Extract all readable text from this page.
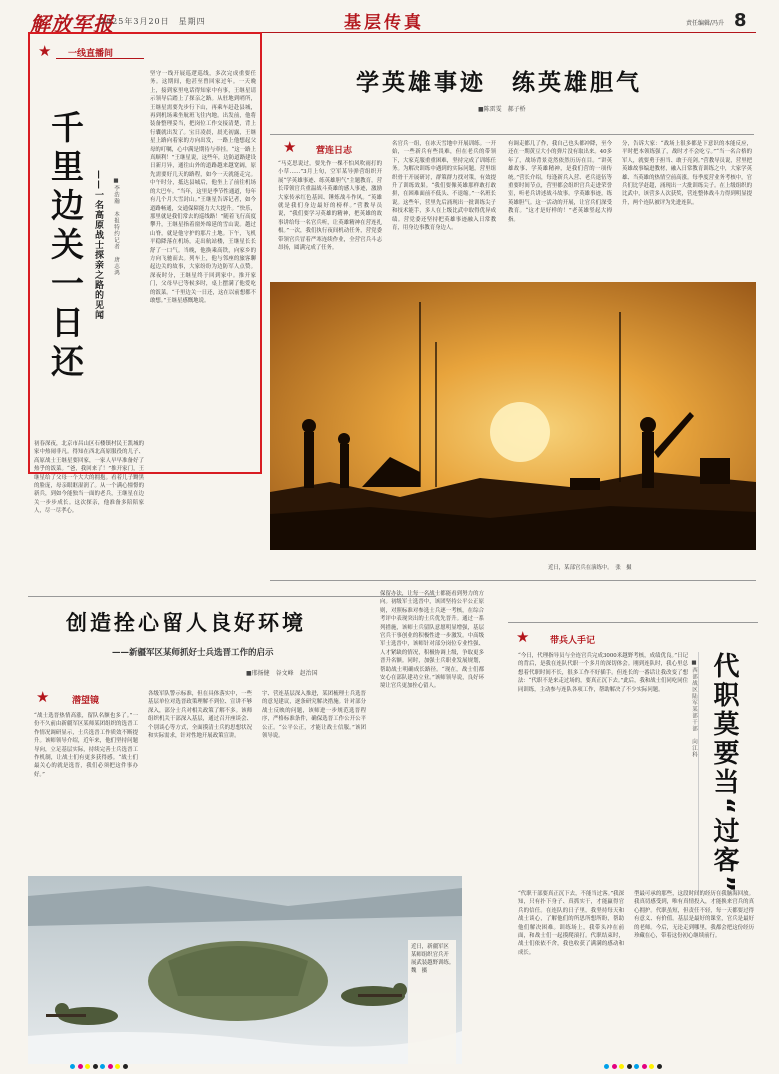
解放军报
2025年3月20日　星期四	基层传真	责任编辑/冯升 8
★ 一线直播间
千里边关一日还 ——一名高原战士探亲之路的见闻	■李浩瀚　本报特约记者　唐志鸿
坚守一线开展巡逻巡线，多次完成重要任务。这期间，他甚至曾回家过年。一天晚上，接到家里电话得知家中有事，王继星请示领导后踏上了探亲之路。从驻地到哨所，王继星需要先步行下山，再乘车赶赴县城，再到机场乘坐航班飞往内地。出发前，他将装备整理妥当，把岗位工作交接清楚，背上行囊就出发了。宝日凌晨，晨光初露，王继星上路向着家的方向出发，一路上他想起父母的叮嘱，心中满是期待与牵挂。“这一路上真顺利！”王继星说，这些年，边防道路建设日新月异，通往山外的道路越来越宽阔，原先需要好几天的路程，如今一天就能走完。中午时分，抵达县城后，他坐上了前往机场的大巴车。“当年，这里是季节性通道，每年有几个月大雪封山。”王继星告诉记者，如今道路畅通，交通保障能力大大提升。“快乐，那里就是我们常去的巡线路！”随着飞行高度攀升，王继星指着窗外绵延的雪山说。越过山脊，就是他守护的那片土地。下午，飞机平稳降落在机场，走出航站楼，王继星长长舒了一口气。当晚，他换乘高铁，向家乡的方向飞驰而去。列车上，他与邻座的旅客聊起边关的故事，大家纷纷为边防军人点赞。深夜时分，王继星终于回到家中。推开家门，父母早已等候多时，桌上摆满了他爱吃的饭菜。“千里边关一日还，这在以前想都不敢想。”王继星感慨地说。
初春深夜，北京市昌山区石楼镇村民王凯城的家中热闹非凡。得知在西北高原服役的儿子、高原战士王继星要回家，一家人早早准备好了热乎的饭菜。“爸，我回来了！”推开家门，王继星给了父母一个大大的拥抱。看着儿子黝黑的脸庞，母亲眼眶湿润了。从一个满心憧憬的新兵，到如今能独当一面的老兵，王继星在边关一步步成长。这次探亲，他准备多陪陪家人，尽一尽孝心。
学英雄事迹　练英雄胆气
■陈雷雯　郝子桥
★ 营连日志
“马克思说过，要先作一棵不怕风吹雨打的小草……”3月上旬，空军某导弹营组织开展“学英雄事迹、练英雄胆气”主题教育，营长带领官兵重温战斗英雄的感人事迹，激励大家传承红色基因、锤炼战斗作风。“英雄就是我们身边最好的榜样。”营教导员说，“我们要学习英雄的精神，把英雄的故事讲给每一名官兵听，让英雄精神在营连扎根。”一次，我们执行夜间机动任务，营党委带领官兵冒着严寒连续作业，全营官兵斗志昂扬，圆满完成了任务。
名官兵一组，在冰天雪地中开展训练。一开始，一些新兵有些畏难，但在老兵的带领下，大家克服重重困难，坚持完成了训练任务。为解决训练中遇到的实际问题，营里组织骨干开展研讨，群策群力找对策，有效提升了训练效果。“我们要像英雄那样敢打敢拼，在困难面前不低头、不退缩。”一名班长说。这些年，营里先后涌现出一批训练尖子和技术能手，多人在上级比武中取得优异成绩。营党委还坚持把英雄事迹融入日常教育，用身边事教育身边人。
有调走都几了作，我自己也头都冲降，至今还在一期黄豆大小的弹片没有取出来。40多年了，战场背景竟然依然历历在目。“讲英雄故事、学英雄精神，是我们营的一项传统。”营长介绍，每逢新兵入营、老兵退伍等重要时间节点，营里都会组织官兵走进荣誉室，听老兵讲述战斗故事。学英雄事迹，练英雄胆气。这一活动的开展，让官兵们深受教育。“这才是好样的！”老英雄竖起大拇指。
分，告诉大家：“战场上很多都是下意识的本能反应，平时把本领练强了，战时才不会吃亏。”“当一名合格的军人，就要勇于担当、敢于亮剑。”营教导员说，营里把英雄故事编进教材，融入日常教育训练之中，大家学英雄、当英雄的热情空前高涨。每季度营业务考核中，官兵们比学赶超，涌现出一大批训练尖子。在上级组织的比武中，该营多人次获奖，营连整体战斗力得到明显提升，两个连队被评为先进连队。
近日，某部官兵在演练中。　张　摄
创造拴心留人良好环境
——新疆军区某师抓好士兵选晋工作的启示
■邢扬健　谷文峰　赵治国
★	潜望镜
“战士选晋热情高涨，留队名额也多了。”一份不久前由新疆军区某师某团组织的选晋工作情况调研显示，士兵选晋工作质效不断提升。该师领导介绍，近年来，他们坚持问题导向，立足基层实际，持续完善士兵选晋工作机制，让战士们有更多获得感。“战士们最关心的就是选晋，我们必须把这件事办好。”
各级军队警示标准，但在具体落实中，一些基层单位对选晋政策理解不到位、宣讲不够深入，部分士兵对相关政策了解不多。该师组织机关干部深入基层，通过召开座谈会、个别谈心等方式，全面摸清士兵的思想状况和实际需求，针对性地开展政策宣讲。
宇、营连基层深入推进，某团梳理士兵选晋的意见建议，逐条研究解决措施。针对部分战士反映的问题，该师进一步规范选晋程序，严格标准条件，确保选晋工作公开公平公正。“公平公正，才能让战士信服。”该团领导说。
保留办法，让每一名战士都能看到努力的方向。初级军士选晋中，该团坚持公平公正原则，对照标准对参选士兵逐一考核，在综合考评中表现突出的士兵优先晋升。通过一系列措施，该师士兵留队意愿明显增强，基层官兵干事创业的积极性进一步激发。中高级军士选晋中，该师针对部分岗位专业性强、人才紧缺的情况，积极协调上级，争取更多晋升名额。同时，加强士兵职业发展规划，帮助战士明确成长路径。“现在，战士们都安心在部队建功立业。”该师领导说，良好环境让官兵更加拴心留人。
近日，新疆军区某师组织官兵开展武装越野训练。　魏　摄
★ 带兵人手记
代职莫要当“过客”
■西部战区陆军某部干部　向江科
“今日，代理指导员与全连官兵完成3000米越野考核，成绩优良。”日记的背后，是我在连队代职一个多月的深切体会。刚到连队时，我心里总想着代职时间不长，很多工作不好插手。但连长的一番话让我改变了想法：“代职不是来走过场的，要真正沉下去。”此后，我和战士们同吃同住同训练，主动参与连队各项工作，帮助解决了不少实际问题。
“代职干部要真正沉下去，不能当过客。”我深知，只有扑下身子、真抓实干，才能赢得官兵的信任。在连队的日子里，我坚持每天和战士谈心，了解他们的所思所想所盼，帮助他们解决困难。训练场上，我带头冲在前面，和战士们一起摸爬滚打。代职结束时，战士们依依不舍，我也收获了满满的感动和成长。
型最可承的那些，这段时间的经历在我脑海回放。我真切感受到，唯有真情投入，才能换来官兵的真心拥护。代职虽短，但责任不轻，每一天都要过得有意义、有价值。基层是最好的课堂，官兵是最好的老师。今后，无论走到哪里，我都会把这份经历珍藏在心，带着这份初心继续前行。
